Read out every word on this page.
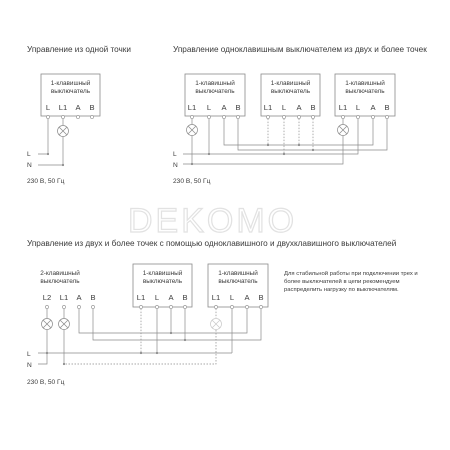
DEKOMO
Управление из одной точки
1-клавишный
выключатель
L L1 A B
L
N
230 В, 50 Гц
Управление одноклавишным выключателем из двух и более точек
1-клавишный
выключатель
L1 L A B
1-клавишный
выключатель
L1 L A B
1-клавишный
выключатель
L1 L A B
L
N
230 В, 50 Гц
Управление из двух и более точек с помощью одноклавишного и двухклавишного выключателей
2-клавишный
выключатель
L2 L1 A B
1-клавишный
выключатель
L1 L A B
1-клавишный
выключатель
L1 L A B
L
N
230 В, 50 Гц
Для стабильной работы при подключении трех и
более выключателей в цепи рекомендуем
распределить нагрузку по выключателям.
